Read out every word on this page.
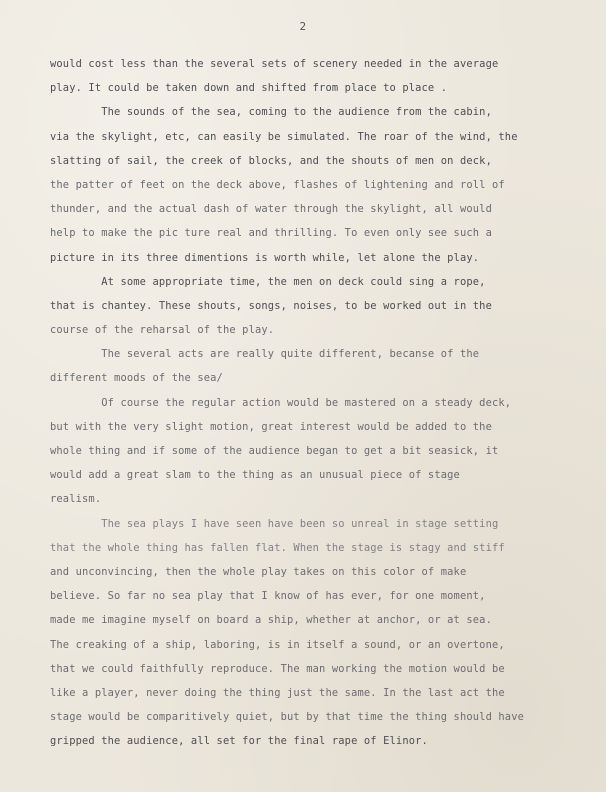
2
would cost less than the several sets of scenery needed in the average
play. It could be taken down and shifted from place to place .
The sounds of the sea, coming to the audience from the cabin,
via the skylight, etc, can easily be simulated. The roar of the wind, the
slatting of sail, the creek of blocks, and the shouts of men on deck,
the patter of feet on the deck above, flashes of lightening and roll of
thunder, and the actual dash of water through the skylight, all would
help to make the pic ture real and thrilling. To even only see such a
picture in its three dimentions is worth while, let alone the play.
At some appropriate time, the men on deck could sing a rope,
that is chantey. These shouts, songs, noises, to be worked out in the
course of the reharsal of the play.
The several acts are really quite different, becanse of the
different moods of the sea/
Of course the regular action would be mastered on a steady deck,
but with the very slight motion, great interest would be added to the
whole thing and if some of the audience began to get a bit seasick, it
would add a great slam to the thing as an unusual piece of stage
realism.
The sea plays I have seen have been so unreal in stage setting
that the whole thing has fallen flat. When the stage is stagy and stiff
and unconvincing, then the whole play takes on this color of make
believe. So far no sea play that I know of has ever, for one moment,
made me imagine myself on board a ship, whether at anchor, or at sea.
The creaking of a ship, laboring, is in itself a sound, or an overtone,
that we could faithfully reproduce. The man working the motion would be
like a player, never doing the thing just the same. In the last act the
stage would be comparitively quiet, but by that time the thing should have
gripped the audience, all set for the final rape of Elinor.
